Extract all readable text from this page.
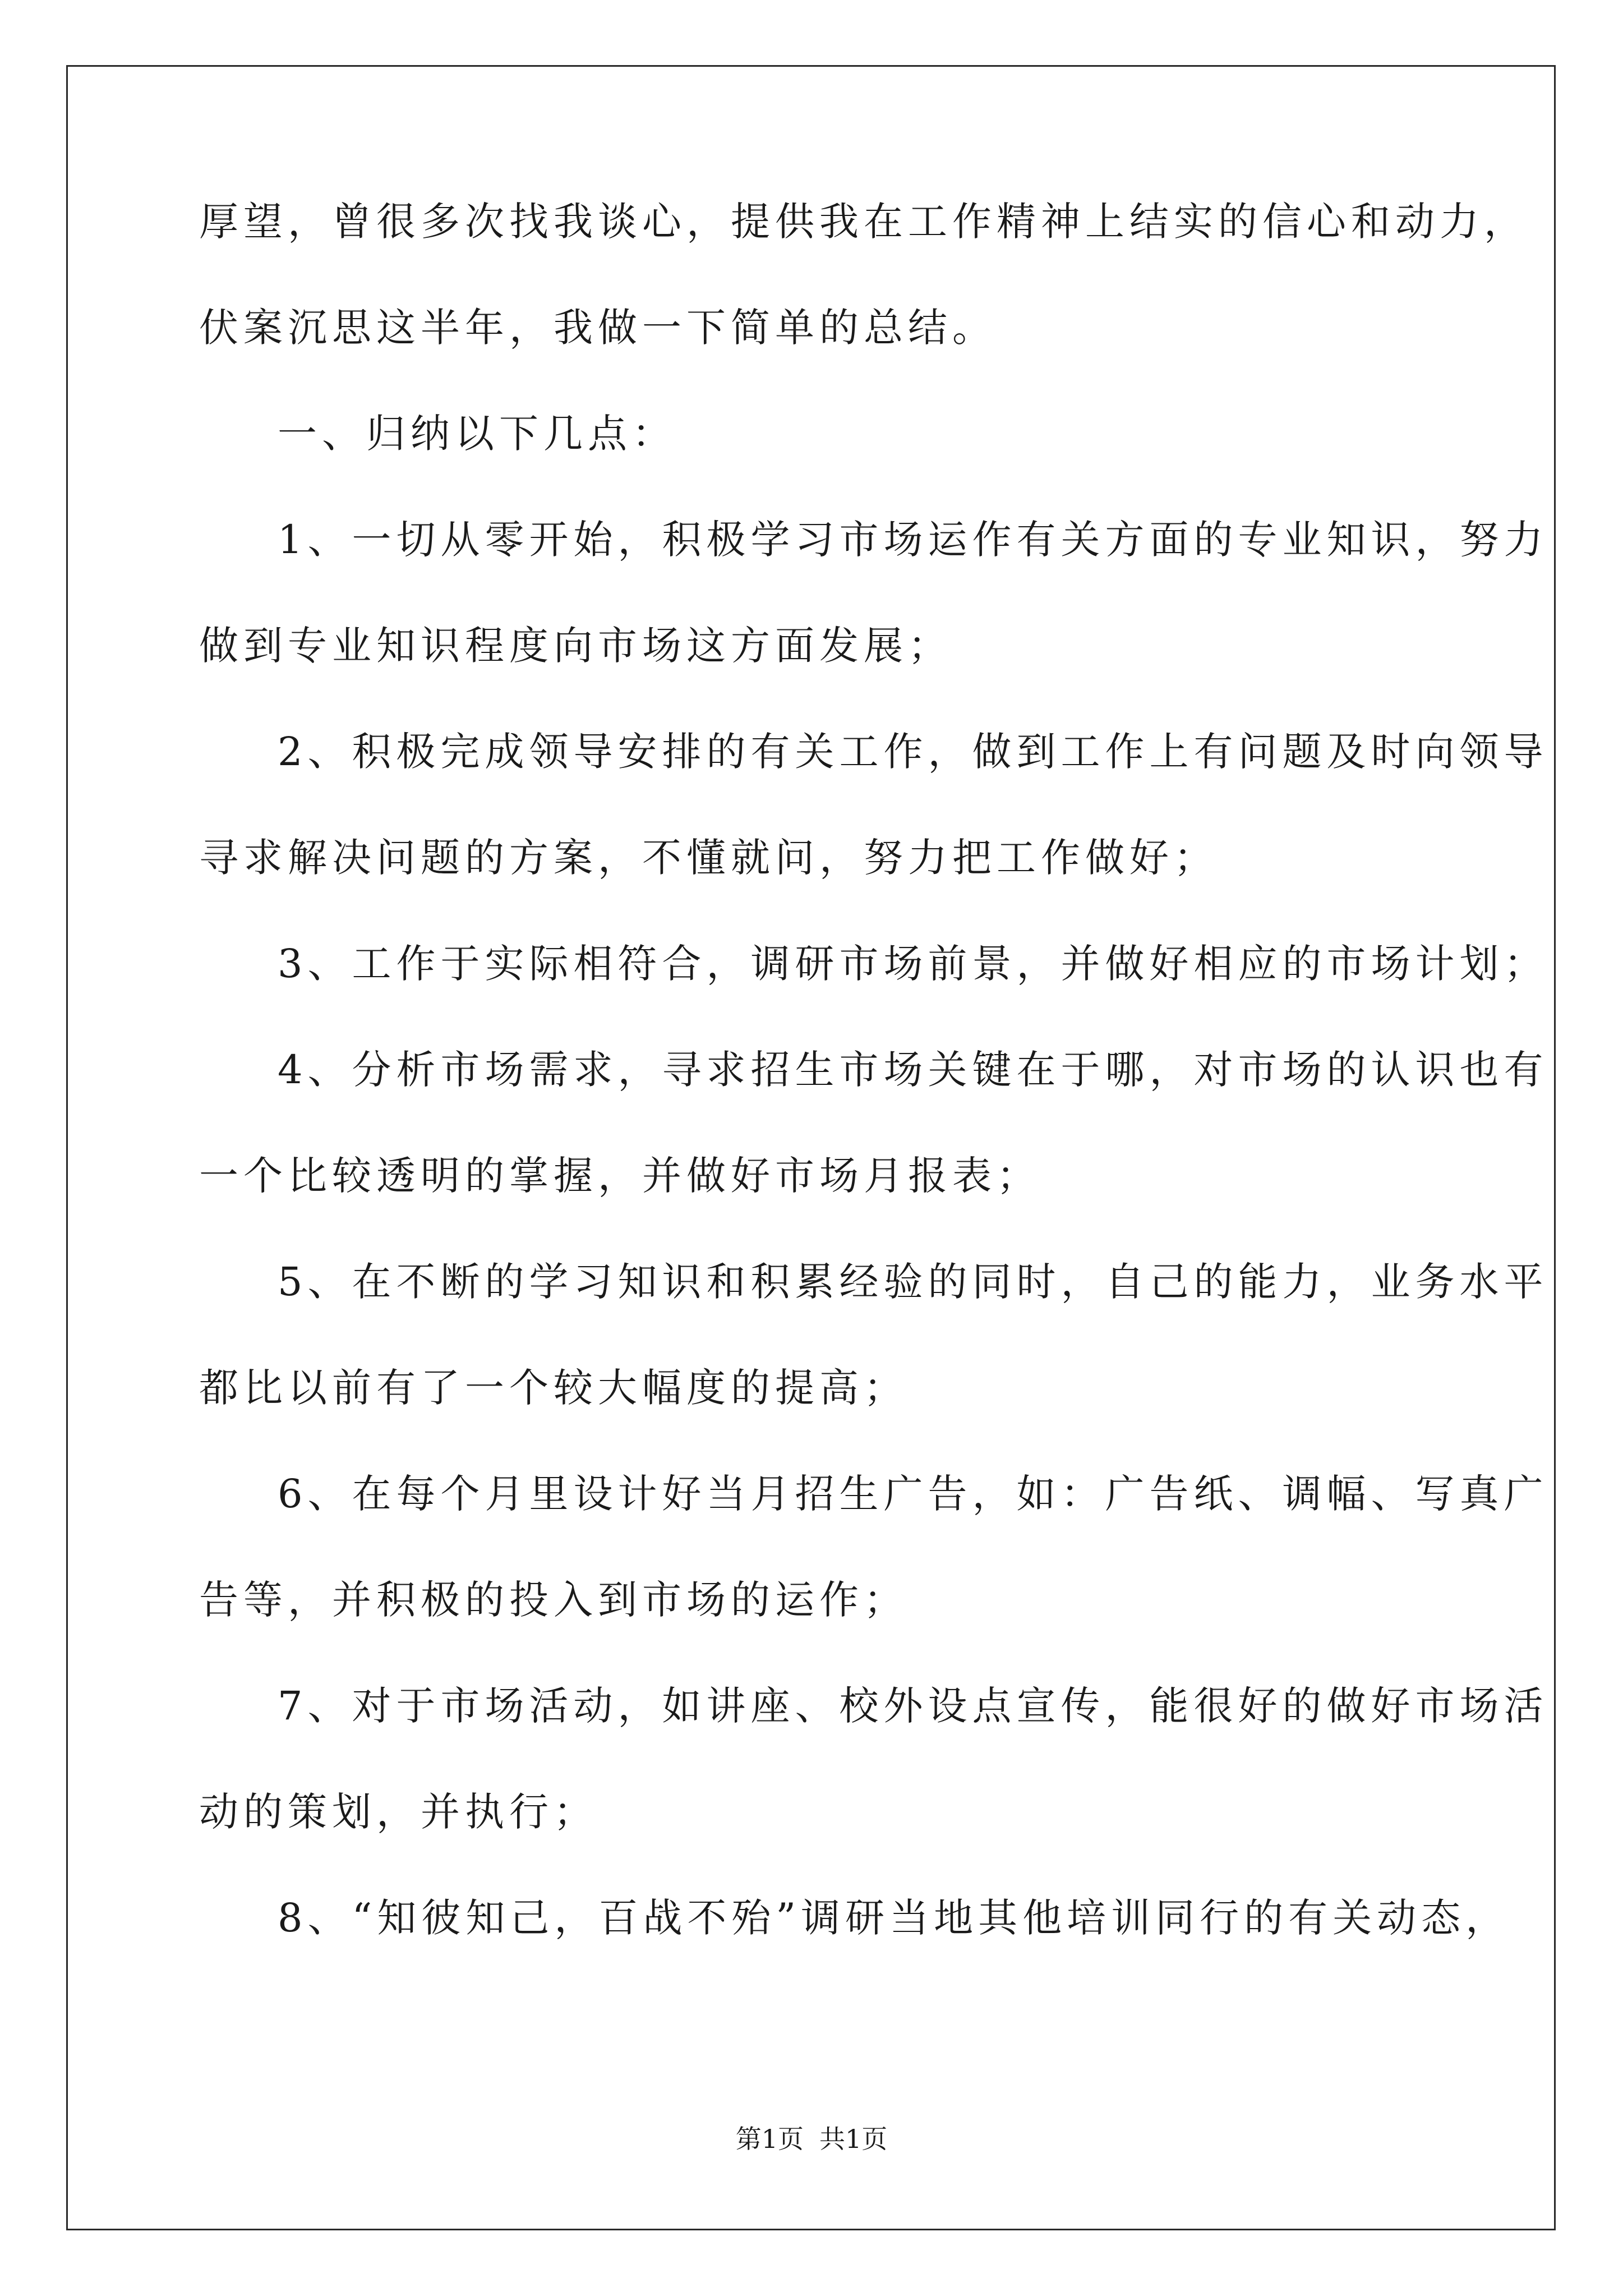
厚望，曾很多次找我谈心，提供我在工作精神上结实的信心和动力，
伏案沉思这半年，我做一下简单的总结。
一、归纳以下几点：
1、一切从零开始，积极学习市场运作有关方面的专业知识，努力
做到专业知识程度向市场这方面发展；
2、积极完成领导安排的有关工作，做到工作上有问题及时向领导
寻求解决问题的方案，不懂就问，努力把工作做好；
3、工作于实际相符合，调研市场前景，并做好相应的市场计划；
4、分析市场需求，寻求招生市场关键在于哪，对市场的认识也有
一个比较透明的掌握，并做好市场月报表；
5、在不断的学习知识和积累经验的同时，自己的能力，业务水平
都比以前有了一个较大幅度的提高；
6、在每个月里设计好当月招生广告，如：广告纸、调幅、写真广
告等，并积极的投入到市场的运作；
7、对于市场活动，如讲座、校外设点宣传，能很好的做好市场活
动的策划，并执行；
8、“知彼知己，百战不殆”调研当地其他培训同行的有关动态，
第1页 共1页
